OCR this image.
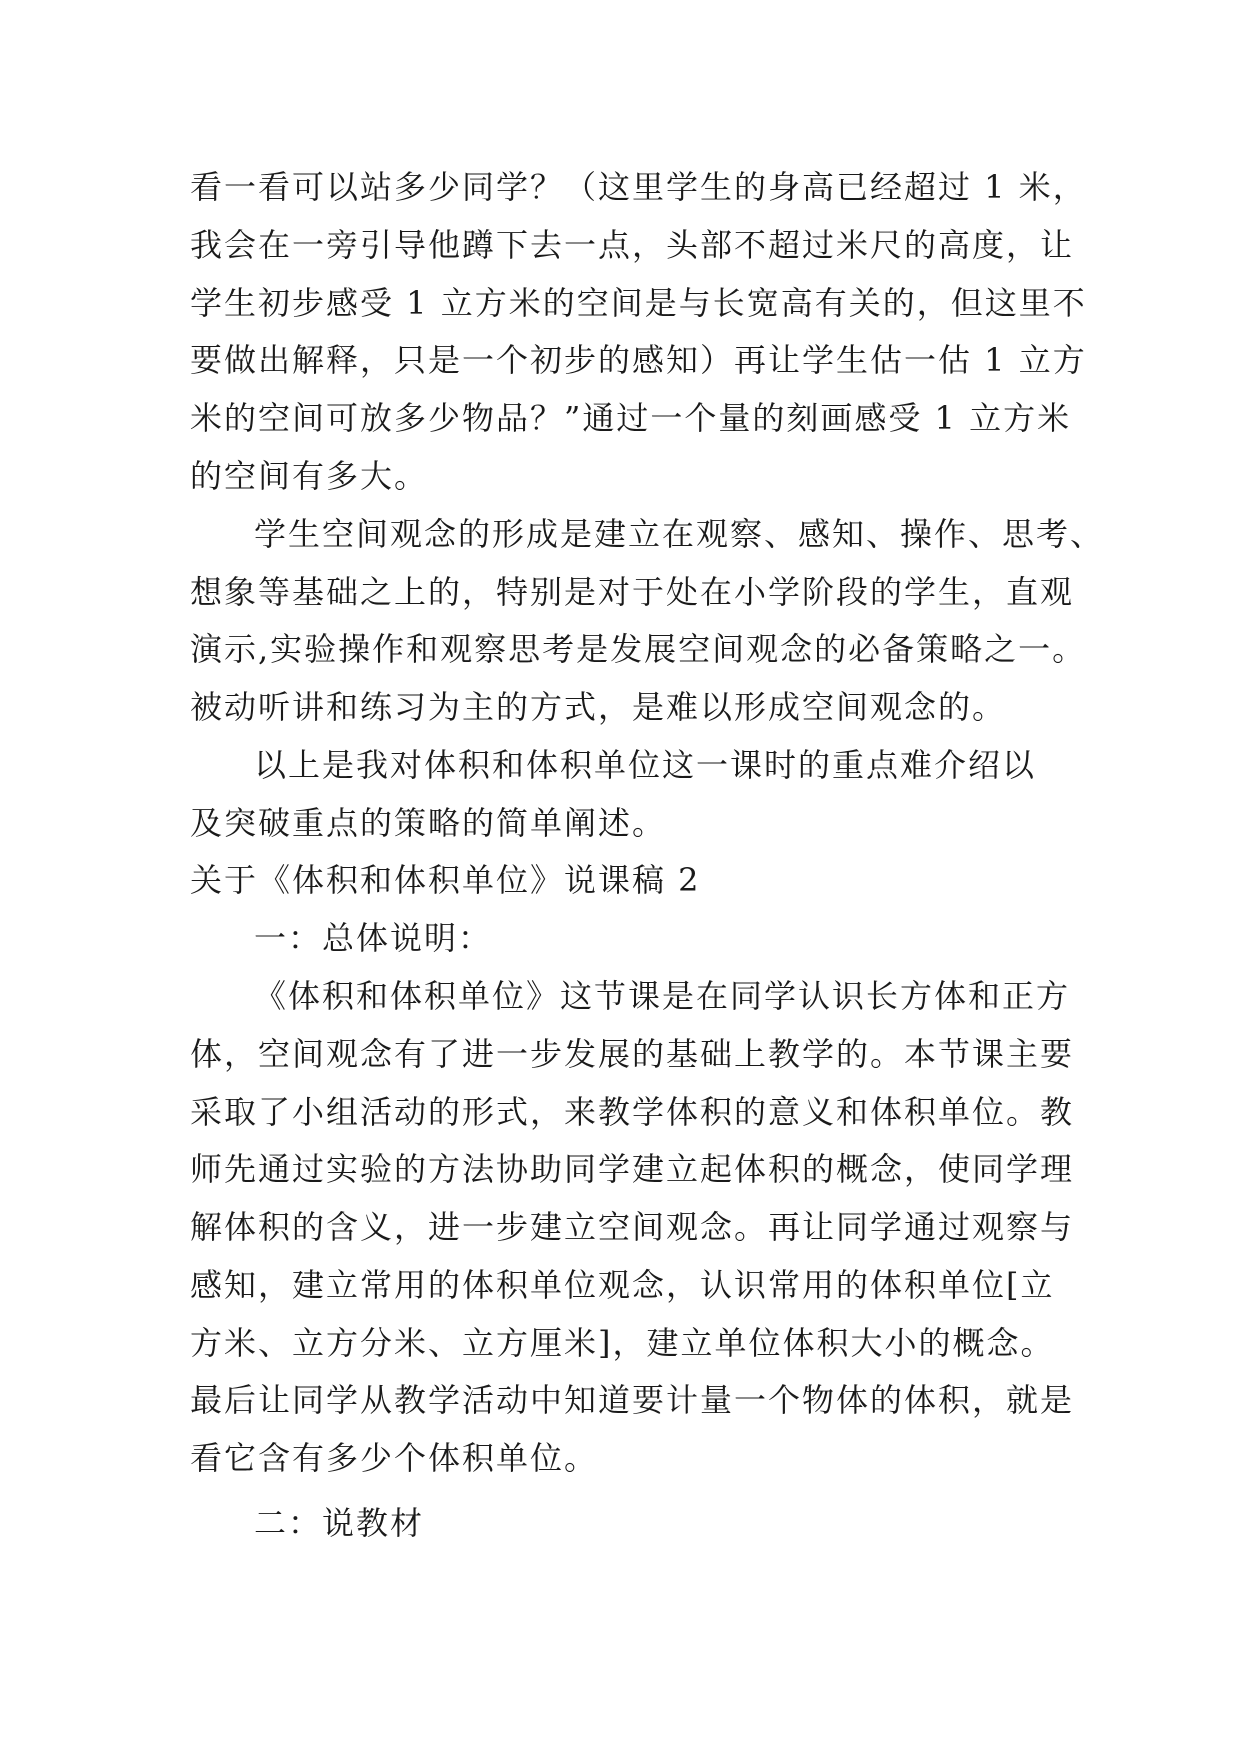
看一看可以站多少同学？（这里学生的身高已经超过 1 米，
我会在一旁引导他蹲下去一点，头部不超过米尺的高度，让
学生初步感受 1 立方米的空间是与长宽高有关的，但这里不
要做出解释，只是一个初步的感知）再让学生估一估 1 立方
米的空间可放多少物品？”通过一个量的刻画感受 1 立方米
的空间有多大。
学生空间观念的形成是建立在观察、感知、操作、思考、
想象等基础之上的，特别是对于处在小学阶段的学生，直观
演示,实验操作和观察思考是发展空间观念的必备策略之一。
被动听讲和练习为主的方式，是难以形成空间观念的。
以上是我对体积和体积单位这一课时的重点难介绍以
及突破重点的策略的简单阐述。
关于《体积和体积单位》说课稿 2
一：总体说明：
《体积和体积单位》这节课是在同学认识长方体和正方
体，空间观念有了进一步发展的基础上教学的。本节课主要
采取了小组活动的形式，来教学体积的意义和体积单位。教
师先通过实验的方法协助同学建立起体积的概念，使同学理
解体积的含义，进一步建立空间观念。再让同学通过观察与
感知，建立常用的体积单位观念，认识常用的体积单位[立
方米、立方分米、立方厘米]，建立单位体积大小的概念。
最后让同学从教学活动中知道要计量一个物体的体积，就是
看它含有多少个体积单位。
二：说教材
